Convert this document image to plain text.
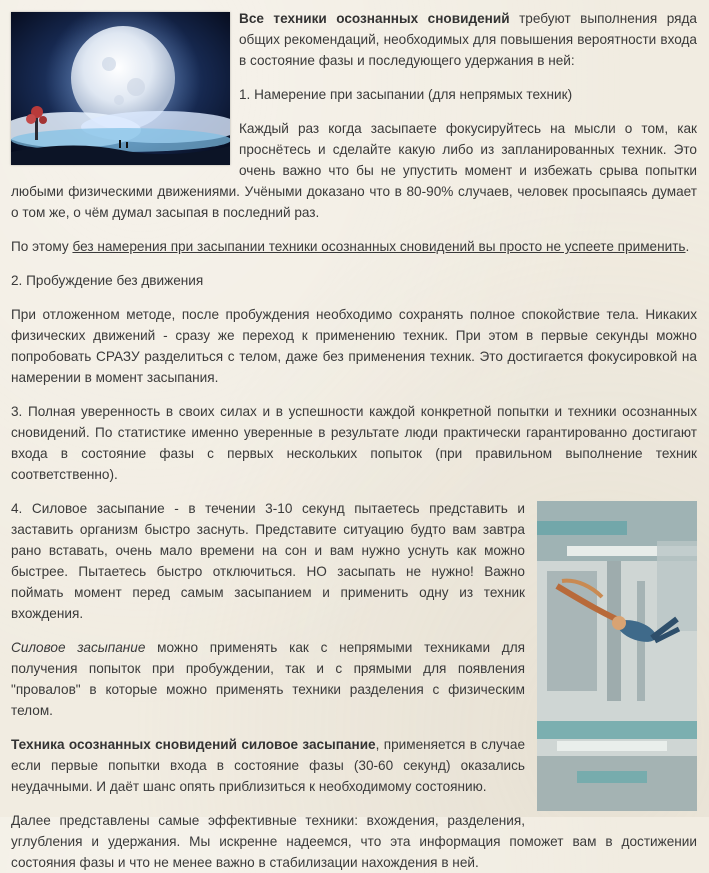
Все техники осознанных сновидений требуют выполнения ряда общих рекомендаций, необходимых для повышения вероятности входа в состояние фазы и последующего удержания в ней:

1. Намерение при засыпании (для непрямых техник)

Каждый раз когда засыпаете фокусируйтесь на мысли о том, как проснётесь и сделайте какую либо из запланированных техник. Это очень важно что бы не упустить момент и избежать срыва попытки любыми физическими движениями. Учёными доказано что в 80-90% случаев, человек просыпаясь думает о том же, о чём думал засыпая в последний раз.

По этому без намерения при засыпании техники осознанных сновидений вы просто не успеете применить.

2. Пробуждение без движения

При отложенном методе, после пробуждения необходимо сохранять полное спокойствие тела. Никаких физических движений - сразу же переход к применению техник. При этом в первые секунды можно попробовать СРАЗУ разделиться с телом, даже без применения техник. Это достигается фокусировкой на намерении в момент засыпания.

3. Полная уверенность в своих силах и в успешности каждой конкретной попытки и техники осознанных сновидений. По статистике именно уверенные в результате люди практически гарантированно достигают входа в состояние фазы с первых нескольких попыток (при правильном выполнение техник соответственно).

4. Силовое засыпание - в течении 3-10 секунд пытаетесь представить и заставить организм быстро заснуть. Представите ситуацию будто вам завтра рано вставать, очень мало времени на сон и вам нужно уснуть как можно быстрее. Пытаетесь быстро отключиться. НО засыпать не нужно! Важно поймать момент перед самым засыпанием и применить одну из техник вхождения.

Силовое засыпание можно применять как с непрямыми техниками для получения попыток при пробуждении, так и с прямыми для появления "провалов" в которые можно применять техники разделения с физическим телом.

Техника осознанных сновидений силовое засыпание, применяется в случае если первые попытки входа в состояние фазы (30-60 секунд) оказались неудачными. И даёт шанс опять приблизиться к необходимому состоянию.

Далее представлены самые эффективные техники: вхождения, разделения, углубления и удержания. Мы искренне надеемся, что эта информация поможет вам в достижении состояния фазы и что не менее важно в стабилизации нахождения в ней.
